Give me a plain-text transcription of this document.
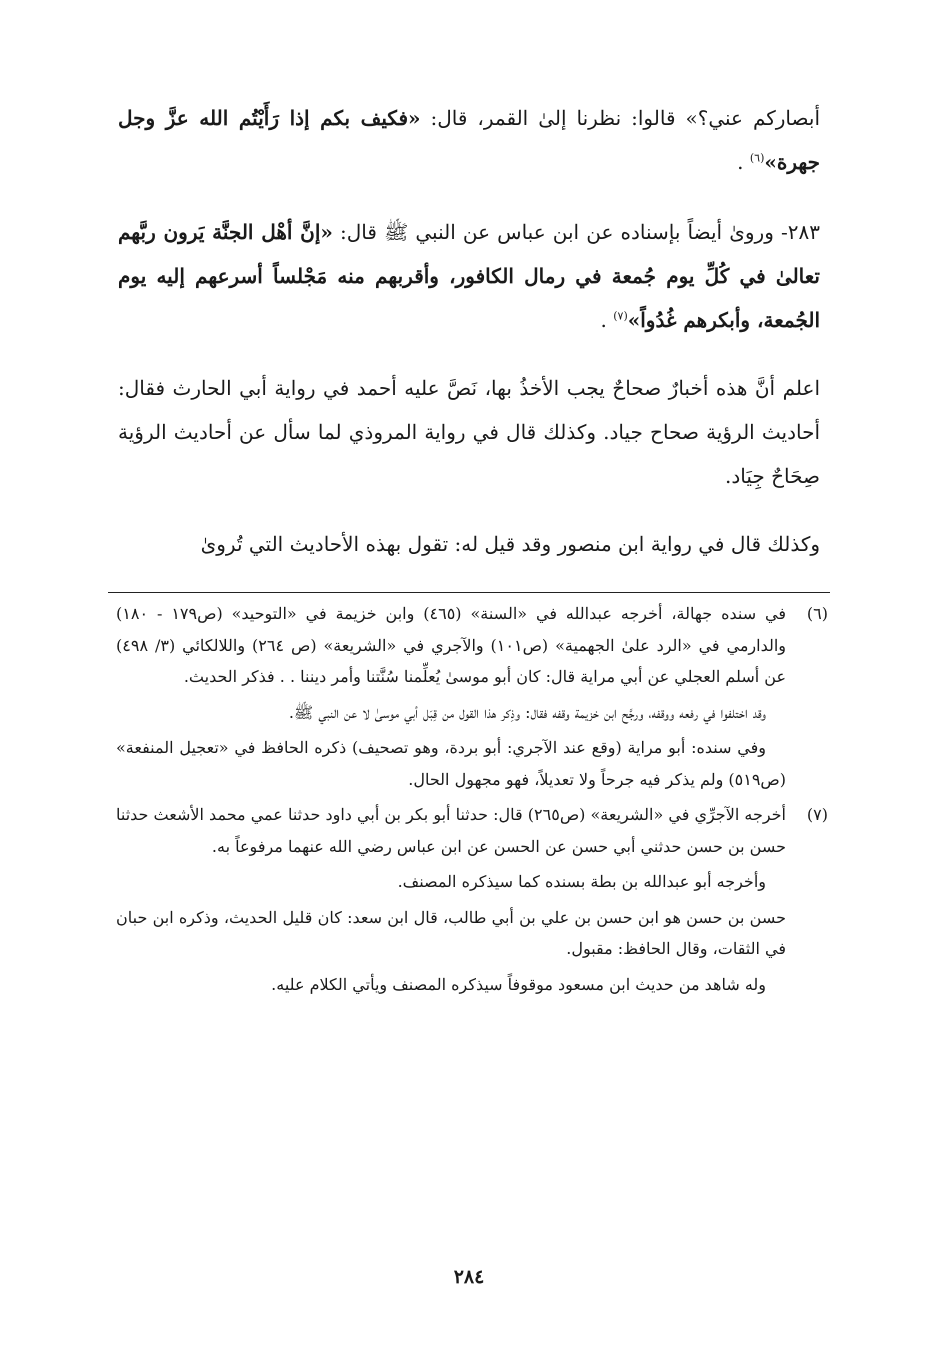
أبصاركم عني؟» قالوا: نظرنا إلىٰ القمر، قال: «فكيف بكم إذا رَأَيْتُم الله عزَّ وجل جهرة»$^{(٦)}$ .

٢٨٣- ورویٰ أیضاً بإسناده عن ابن عباس عن النبي ﷺ قال: «إنَّ أهْل الجنَّة يَرون ربَّهم تعالىٰ في كُلِّ يوم جُمعة في رمال الكافور، وأقربهم منه مَجْلساً أسرعهم إليه يوم الجُمعة، وأبكرهم غُدُواً»$^{(٧)}$ .

اعلم أنَّ هذه أخبارٌ صحاحٌ يجب الأخذُ بها، نَصَّ عليه أحمد في رواية أبي الحارث فقال: أحاديث الرؤية صحاح جياد. وكذلك قال في رواية المروذي لما سأل عن أحاديث الرؤية صِحَاحٌ جِيَاد.

وكذلك قال في رواية ابن منصور وقد قيل له: تقول بهذه الأحاديث التي تُرویٰ

(٦)

في سنده جهالة، أخرجه عبدالله في «السنة» (٤٦٥) وابن خزيمة في «التوحيد» (ص١٧٩ - ١٨٠) والدارمي في «الرد علىٰ الجهمية» (ص١٠١) والآجري في «الشريعة» (ص ٢٦٤) واللالكائي (٣/ ٤٩٨) عن أسلم العجلي عن أبي مراية قال: كان أبو موسىٰ يُعلِّمنا سُنَّتنا وأمر ديننا . . فذكر الحديث.

وقد اختلفوا في رفعه ووقفه، ورجَّح ابن خزيمة وقفه فقال: وذِكر هذا القول من قِبَل أبي موسىٰ لا عن النبي ﷺ.

وفي سنده: أبو مراية (وقع عند الآجري: أبو بردة، وهو تصحيف) ذكره الحافظ في «تعجيل المنفعة» (ص٥١٩) ولم يذكر فيه جرحاً ولا تعديلاً، فهو مجهول الحال.

(٧)

أخرجه الآجرِّي في «الشريعة» (ص٢٦٥) قال: حدثنا أبو بكر بن أبي داود حدثنا عمي محمد الأشعث حدثنا حسن بن حسن حدثني أبي حسن عن الحسن عن ابن عباس رضي الله عنهما مرفوعاً به.

وأخرجه أبو عبدالله بن بطة بسنده كما سيذكره المصنف.

حسن بن حسن هو ابن حسن بن علي بن أبي طالب، قال ابن سعد: كان قليل الحديث، وذكره ابن حبان في الثقات، وقال الحافظ: مقبول.

وله شاهد من حديث ابن مسعود موقوفاً سيذكره المصنف ويأتي الكلام عليه.

٢٨٤
